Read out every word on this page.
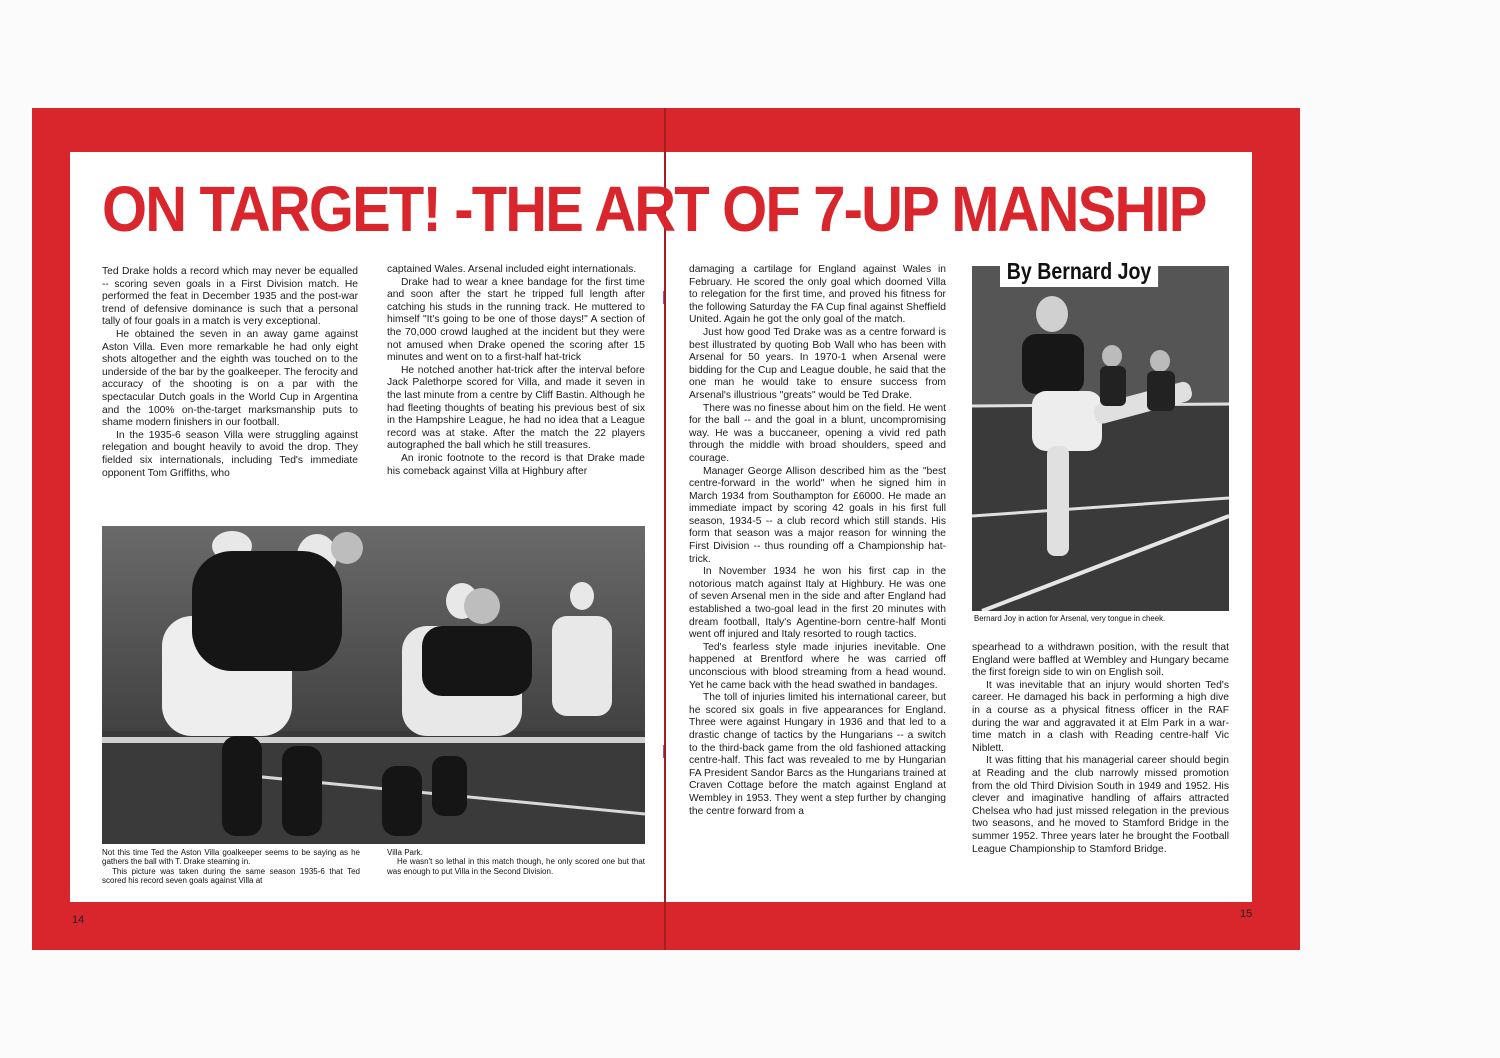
ON TARGET! -THE ART OF 7-UP MANSHIP

Ted Drake holds a record which may never be equalled -- scoring seven goals in a First Division match. He performed the feat in December 1935 and the post-war trend of defensive dominance is such that a personal tally of four goals in a match is very exceptional.

He obtained the seven in an away game against Aston Villa. Even more remarkable he had only eight shots altogether and the eighth was touched on to the underside of the bar by the goalkeeper. The ferocity and accuracy of the shooting is on a par with the spectacular Dutch goals in the World Cup in Argentina and the 100% on-the-target marksmanship puts to shame modern finishers in our football.

In the 1935-6 season Villa were struggling against relegation and bought heavily to avoid the drop. They fielded six internationals, including Ted's immediate opponent Tom Griffiths, who

captained Wales. Arsenal included eight internationals.

Drake had to wear a knee bandage for the first time and soon after the start he tripped full length after catching his studs in the running track. He muttered to himself "It's going to be one of those days!" A section of the 70,000 crowd laughed at the incident but they were not amused when Drake opened the scoring after 15 minutes and went on to a first-half hat-trick

He notched another hat-trick after the interval before Jack Palethorpe scored for Villa, and made it seven in the last minute from a centre by Cliff Bastin. Although he had fleeting thoughts of beating his previous best of six in the Hampshire League, he had no idea that a League record was at stake. After the match the 22 players autographed the ball which he still treasures.

An ironic footnote to the record is that Drake made his comeback against Villa at Highbury after

Not this time Ted the Aston Villa goalkeeper seems to be saying as he gathers the ball with T. Drake steaming in.

This picture was taken during the same season 1935-6 that Ted scored his record seven goals against Villa at

Villa Park.

He wasn't so lethal in this match though, he only scored one but that was enough to put Villa in the Second Division.

damaging a cartilage for England against Wales in February. He scored the only goal which doomed Villa to relegation for the first time, and proved his fitness for the following Saturday the FA Cup final against Sheffield United. Again he got the only goal of the match.

Just how good Ted Drake was as a centre forward is best illustrated by quoting Bob Wall who has been with Arsenal for 50 years. In 1970-1 when Arsenal were bidding for the Cup and League double, he said that the one man he would take to ensure success from Arsenal's illustrious "greats" would be Ted Drake.

There was no finesse about him on the field. He went for the ball -- and the goal in a blunt, uncompromising way. He was a buccaneer, opening a vivid red path through the middle with broad shoulders, speed and courage.

Manager George Allison described him as the "best centre-forward in the world" when he signed him in March 1934 from Southampton for £6000. He made an immediate impact by scoring 42 goals in his first full season, 1934-5 -- a club record which still stands. His form that season was a major reason for winning the First Division -- thus rounding off a Championship hat-trick.

In November 1934 he won his first cap in the notorious match against Italy at Highbury. He was one of seven Arsenal men in the side and after England had established a two-goal lead in the first 20 minutes with dream football, Italy's Agentine-born centre-half Monti went off injured and Italy resorted to rough tactics.

Ted's fearless style made injuries inevitable. One happened at Brentford where he was carried off unconscious with blood streaming from a head wound. Yet he came back with the head swathed in bandages.

The toll of injuries limited his international career, but he scored six goals in five appearances for England. Three were against Hungary in 1936 and that led to a drastic change of tactics by the Hungarians -- a switch to the third-back game from the old fashioned attacking centre-half. This fact was revealed to me by Hungarian FA President Sandor Barcs as the Hungarians trained at Craven Cottage before the match against England at Wembley in 1953. They went a step further by changing the centre forward from a

By Bernard Joy
Bernard Joy in action for Arsenal, very tongue in cheek.

spearhead to a withdrawn position, with the result that England were baffled at Wembley and Hungary became the first foreign side to win on English soil.

It was inevitable that an injury would shorten Ted's career. He damaged his back in performing a high dive in a course as a physical fitness officer in the RAF during the war and aggravated it at Elm Park in a war-time match in a clash with Reading centre-half Vic Niblett.

It was fitting that his managerial career should begin at Reading and the club narrowly missed promotion from the old Third Division South in 1949 and 1952. His clever and imaginative handling of affairs attracted Chelsea who had just missed relegation in the previous two seasons, and he moved to Stamford Bridge in the summer 1952. Three years later he brought the Football League Championship to Stamford Bridge.

|
|
14	15
